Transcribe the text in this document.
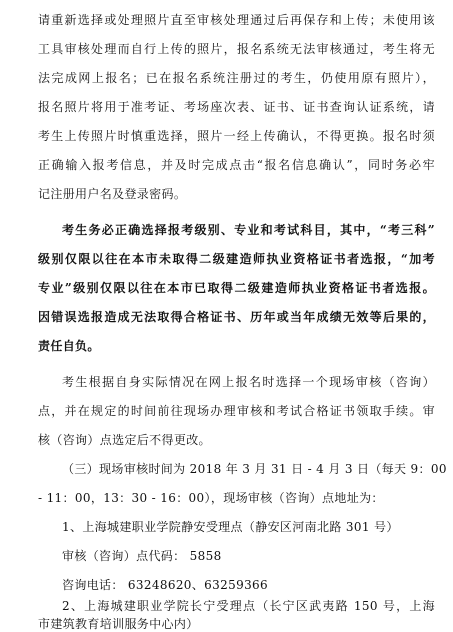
请重新选择或处理照片直至审核处理通过后再保存和上传；未使用该
工具审核处理而自行上传的照片，报名系统无法审核通过，考生将无
法完成网上报名；已在报名系统注册过的考生，仍使用原有照片），
报名照片将用于准考证、考场座次表、证书、证书查询认证系统，请
考生上传照片时慎重选择，照片一经上传确认，不得更换。报名时须
正确输入报考信息，并及时完成点击“报名信息确认”，同时务必牢
记注册用户名及登录密码。
考生务必正确选择报考级别、专业和考试科目，其中，“考三科”
级别仅限以往在本市未取得二级建造师执业资格证书者选报，“加考
专业”级别仅限以往在本市已取得二级建造师执业资格证书者选报。
因错误选报造成无法取得合格证书、历年或当年成绩无效等后果的，
责任自负。
考生根据自身实际情况在网上报名时选择一个现场审核（咨询）
点，并在规定的时间前往现场办理审核和考试合格证书领取手续。审
核（咨询）点选定后不得更改。
（三）现场审核时间为 2018 年 3 月 31 日 - 4 月 3 日（每天 9：00
- 11：00，13：30 - 16：00），现场审核（咨询）点地址为：
1、上海城建职业学院静安受理点（静安区河南北路 301 号）
审核（咨询）点代码： 5858
咨询电话： 63248620、63259366
2、上海城建职业学院长宁受理点（长宁区武夷路 150 号，上海
市建筑教育培训服务中心内）
